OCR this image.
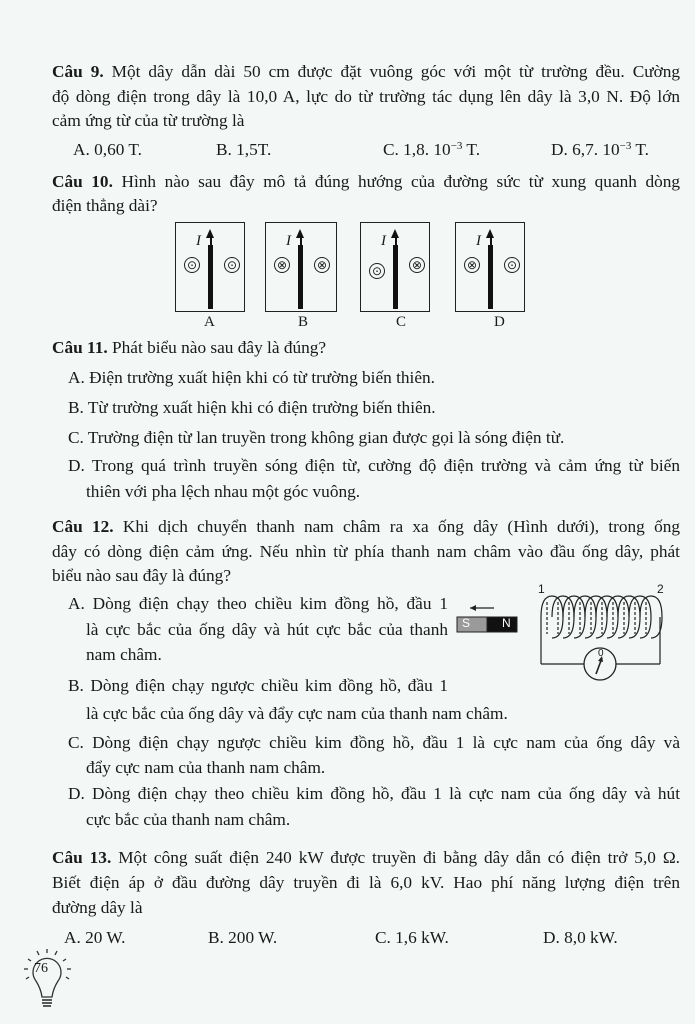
Câu 9. Một dây dẫn dài 50 cm được đặt vuông góc với một từ trường đều. Cường
độ dòng điện trong dây là 10,0 A, lực do từ trường tác dụng lên dây là 3,0 N. Độ lớn
cảm ứng từ của từ trường là
A. 0,60 T.	B. 1,5T.	C. 1,8. $10^{-3}$ T.	D. 6,7. $10^{-3}$ T.
Câu 10. Hình nào sau đây mô tả đúng hướng của đường sức từ xung quanh dòng
điện thẳng dài?
⊙
I
⊙	⊗
I
⊗	⊙
I
⊗	⊗
I
⊙
A	B	C	D
Câu 11. Phát biểu nào sau đây là đúng?
A. Điện trường xuất hiện khi có từ trường biến thiên.
B. Từ trường xuất hiện khi có điện trường biến thiên.
C. Trường điện từ lan truyền trong không gian được gọi là sóng điện từ.
D. Trong quá trình truyền sóng điện từ, cường độ điện trường và cảm ứng từ biến
thiên với pha lệch nhau một góc vuông.
Câu 12. Khi dịch chuyển thanh nam châm ra xa ống dây (Hình dưới), trong ống
dây có dòng điện cảm ứng. Nếu nhìn từ phía thanh nam châm vào đầu ống dây, phát
biểu nào sau đây là đúng?
A. Dòng điện chạy theo chiều kim đồng hồ, đầu 1
là cực bắc của ống dây và hút cực bắc của thanh
nam châm.
B. Dòng điện chạy ngược chiều kim đồng hồ, đầu 1
là cực bắc của ống dây và đẩy cực nam của thanh nam châm.
C. Dòng điện chạy ngược chiều kim đồng hồ, đầu 1 là cực nam của ống dây và
đẩy cực nam của thanh nam châm.
D. Dòng điện chạy theo chiều kim đồng hồ, đầu 1 là cực nam của ống dây và hút
cực bắc của thanh nam châm.
S	N
1	2
0
Câu 13. Một công suất điện 240 kW được truyền đi bằng dây dẫn có điện trở 5,0 Ω.
Biết điện áp ở đầu đường dây truyền đi là 6,0 kV. Hao phí năng lượng điện trên
đường dây là
A. 20 W.	B. 200 W.	C. 1,6 kW.	D. 8,0 kW.
76
